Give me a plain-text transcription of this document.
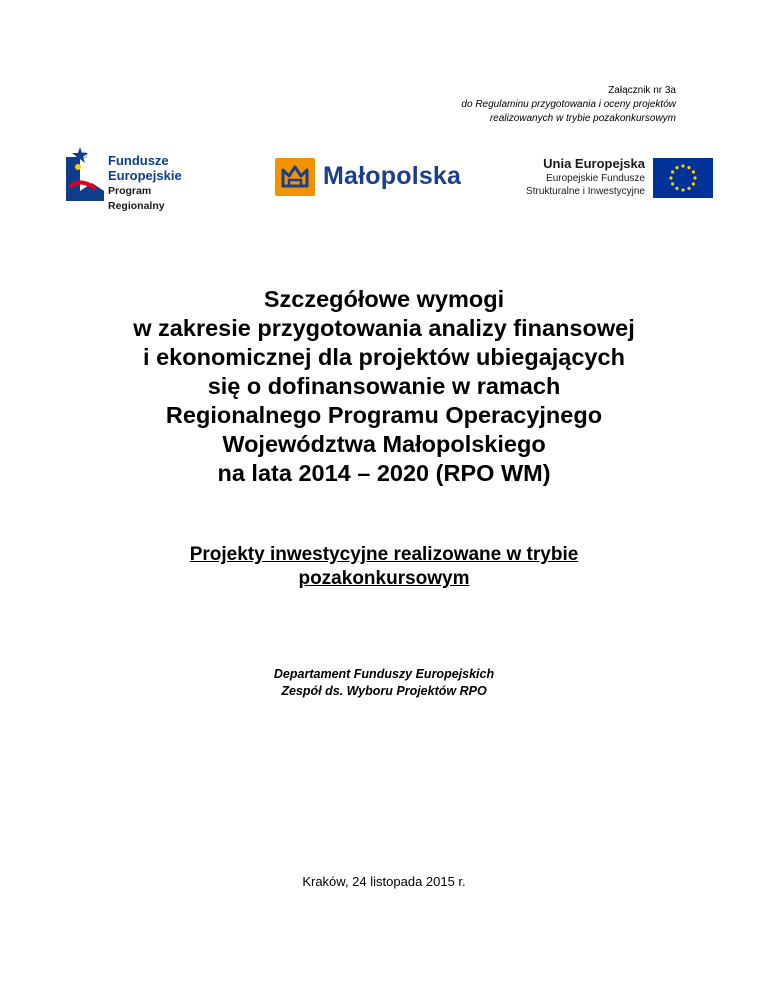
Załącznik nr 3a
do Regulaminu przygotowania i oceny projektów
realizowanych w trybie pozakonkursowym
Fundusze
Europejskie
Program Regionalny
Małopolska	Unia Europejska
Europejskie Fundusze
Strukturalne i Inwestycyjne
Szczegółowe wymogi
w zakresie przygotowania analizy finansowej
i ekonomicznej dla projektów ubiegających
się o dofinansowanie w ramach
Regionalnego Programu Operacyjnego
Województwa Małopolskiego
na lata 2014 – 2020 (RPO WM)
Projekty inwestycyjne realizowane w trybie
pozakonkursowym
Departament Funduszy Europejskich
Zespół ds. Wyboru Projektów RPO
Kraków, 24 listopada 2015 r.
